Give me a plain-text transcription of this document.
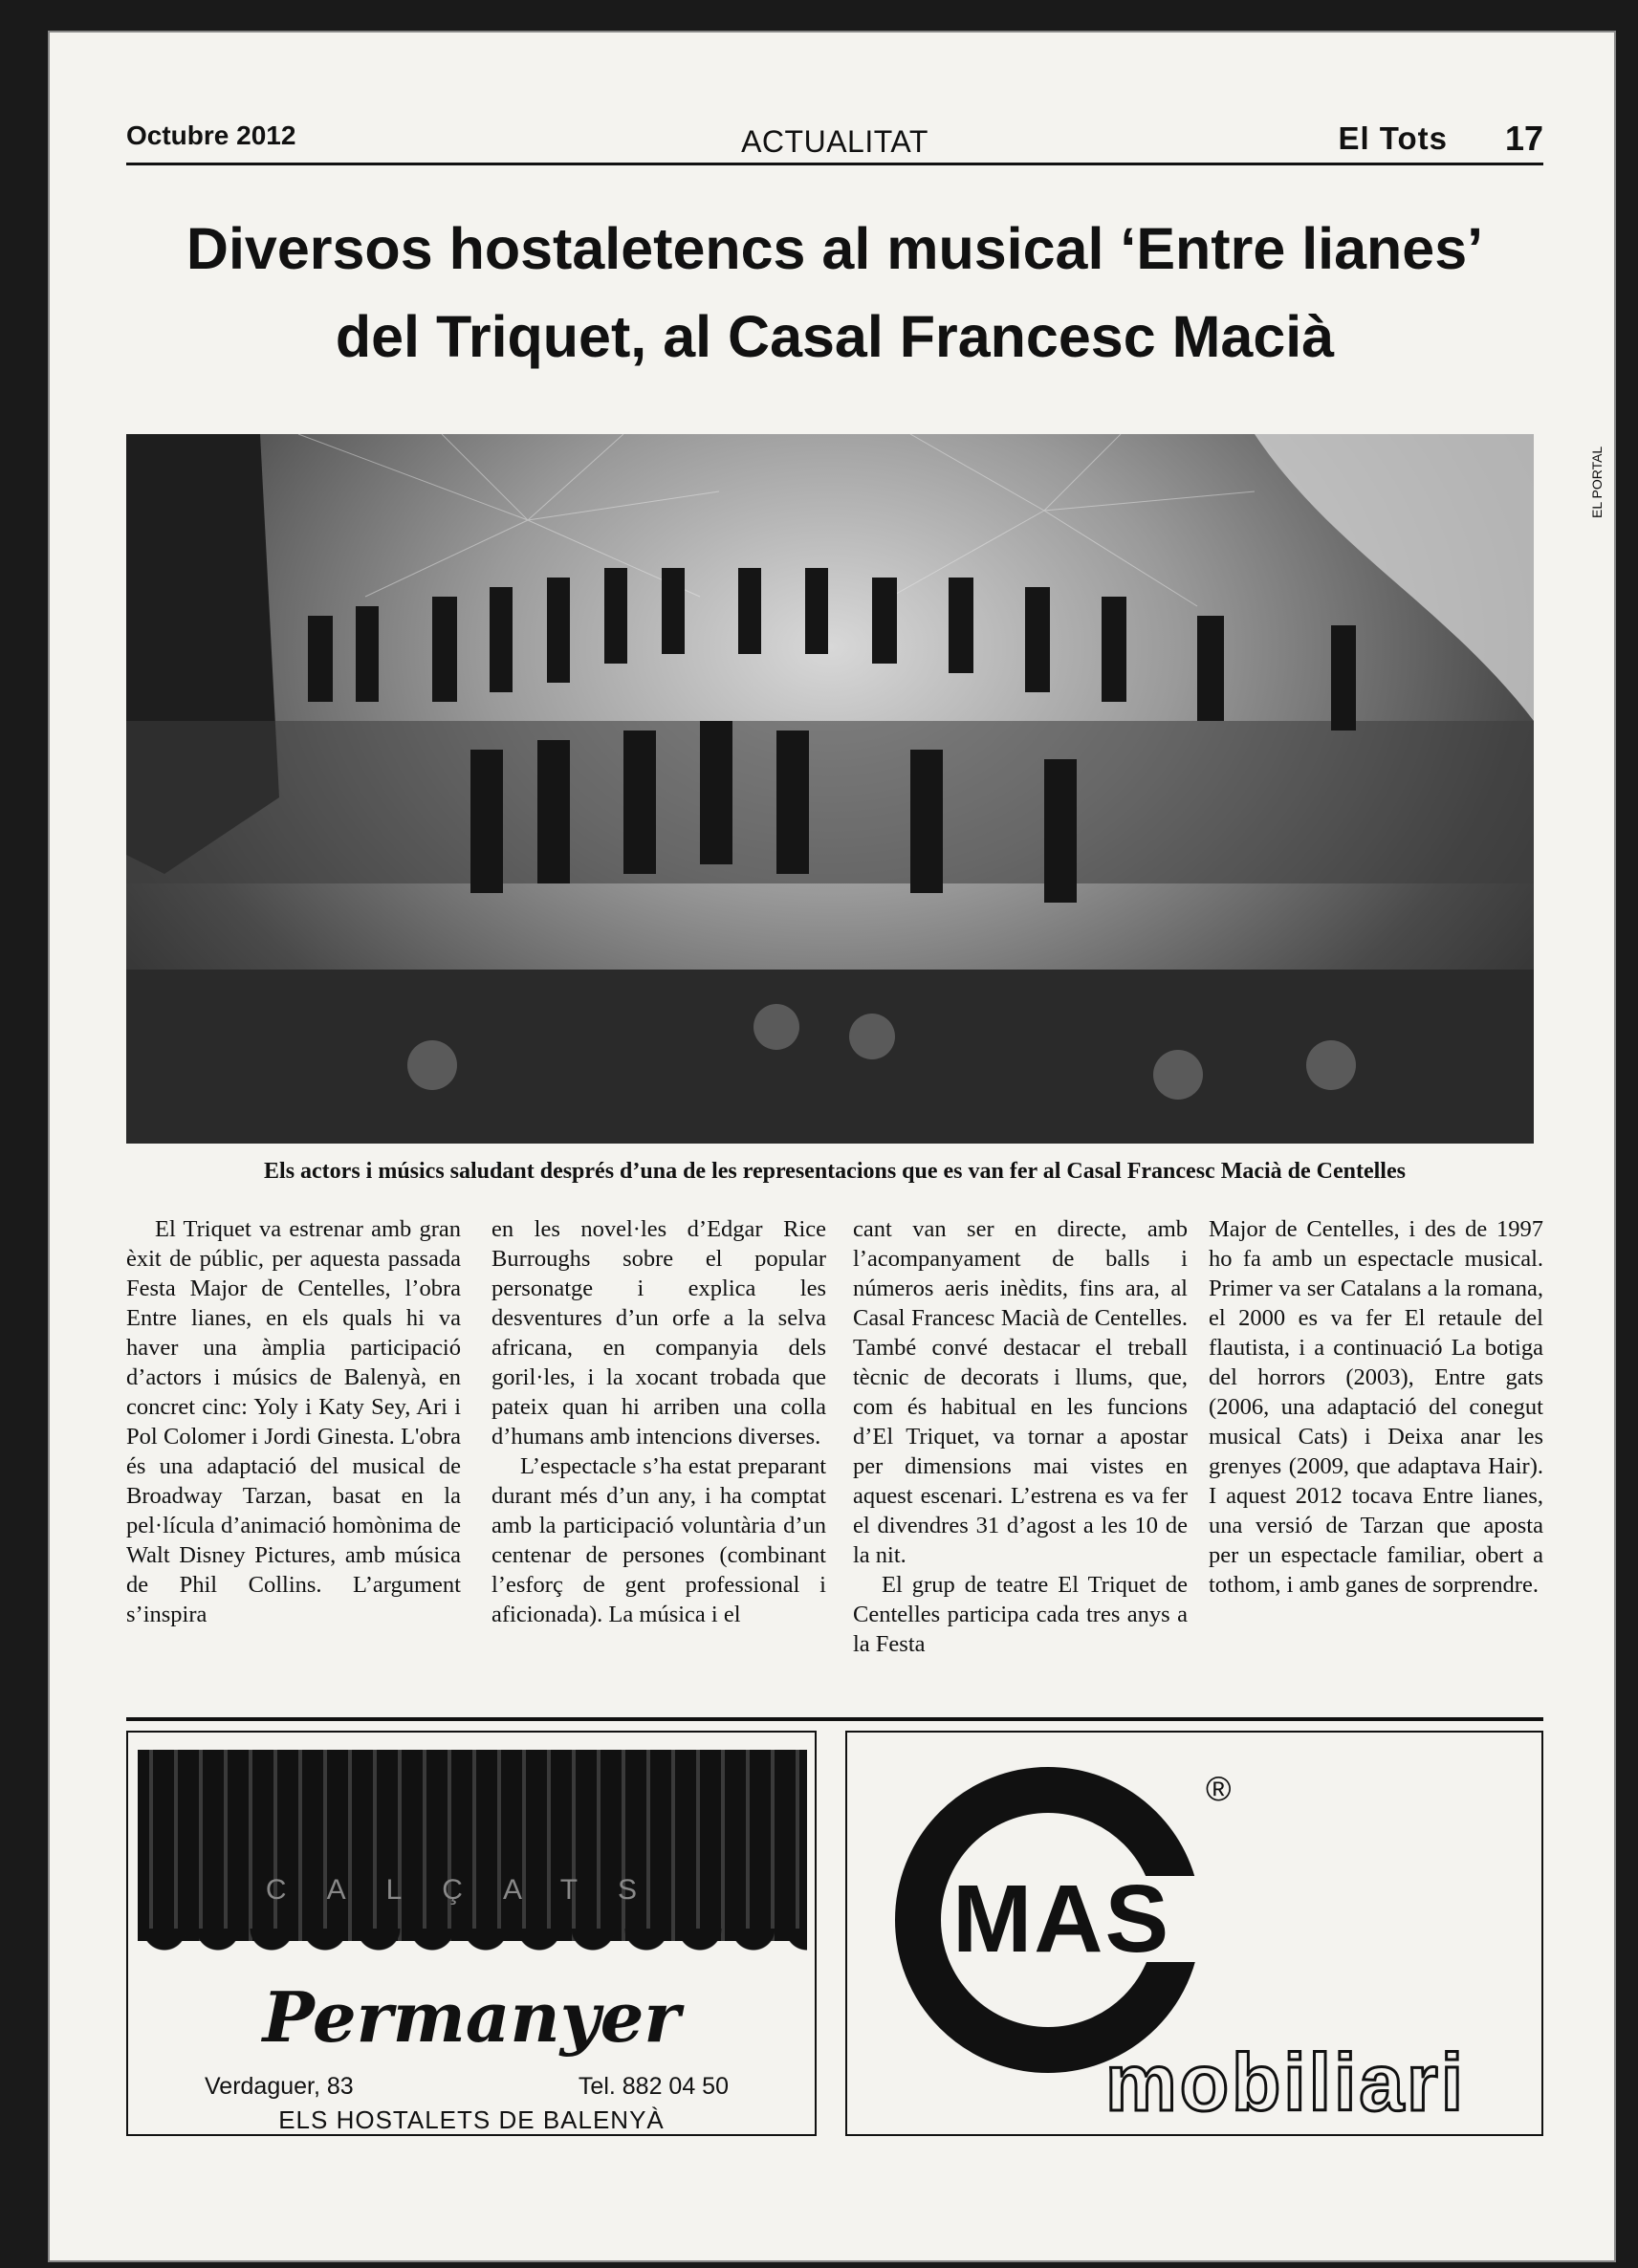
Octubre 2012	ACTUALITAT	El Tots 17
Diversos hostaletencs al musical ‘Entre lianes’
del Triquet, al Casal Francesc Macià
EL PORTAL
Els actors i músics saludant després d’una de les representacions que es van fer al Casal Francesc Macià de Centelles

El Triquet va estrenar amb gran èxit de públic, per aquesta passada Festa Major de Centelles, l’obra Entre lianes, en els quals hi va haver una àmplia participació d’actors i músics de Balenyà, en concret cinc: Yoly i Katy Sey, Ari i Pol Colomer i Jordi Ginesta. L'obra és una adaptació del musical de Broadway Tarzan, basat en la pel·lícula d’animació homònima de Walt Disney Pictures, amb música de Phil Collins. L’argument s’inspira

en les novel·les d’Edgar Rice Burroughs sobre el popular personatge i explica les desventures d’un orfe a la selva africana, en companyia dels goril·les, i la xocant trobada que pateix quan hi arriben una colla d’humans amb intencions diverses.

L’espectacle s’ha estat preparant durant més d’un any, i ha comptat amb la participació voluntària d’un centenar de persones (combinant l’esforç de gent professional i aficionada). La música i el

cant van ser en directe, amb l’acompanyament de balls i números aeris inèdits, fins ara, al Casal Francesc Macià de Centelles. També convé destacar el treball tècnic de decorats i llums, que, com és habitual en les funcions d’El Triquet, va tornar a apostar per dimensions mai vistes en aquest escenari. L’estrena es va fer el divendres 31 d’agost a les 10 de la nit.

El grup de teatre El Triquet de Centelles participa cada tres anys a la Festa

Major de Centelles, i des de 1997 ho fa amb un espectacle musical. Primer va ser Catalans a la romana, el 2000 es va fer El retaule del flautista, i a continuació La botiga del horrors (2003), Entre gats (2006, una adaptació del conegut musical Cats) i Deixa anar les grenyes (2009, que adaptava Hair). I aquest 2012 tocava Entre lianes, una versió de Tarzan que aposta per un espectacle familiar, obert a tothom, i amb ganes de sorprendre.

CALÇATS
Permanyer
Verdaguer, 83	Tel. 882 04 50
ELS HOSTALETS DE BALENYÀ
MAS
®
mobiliari
